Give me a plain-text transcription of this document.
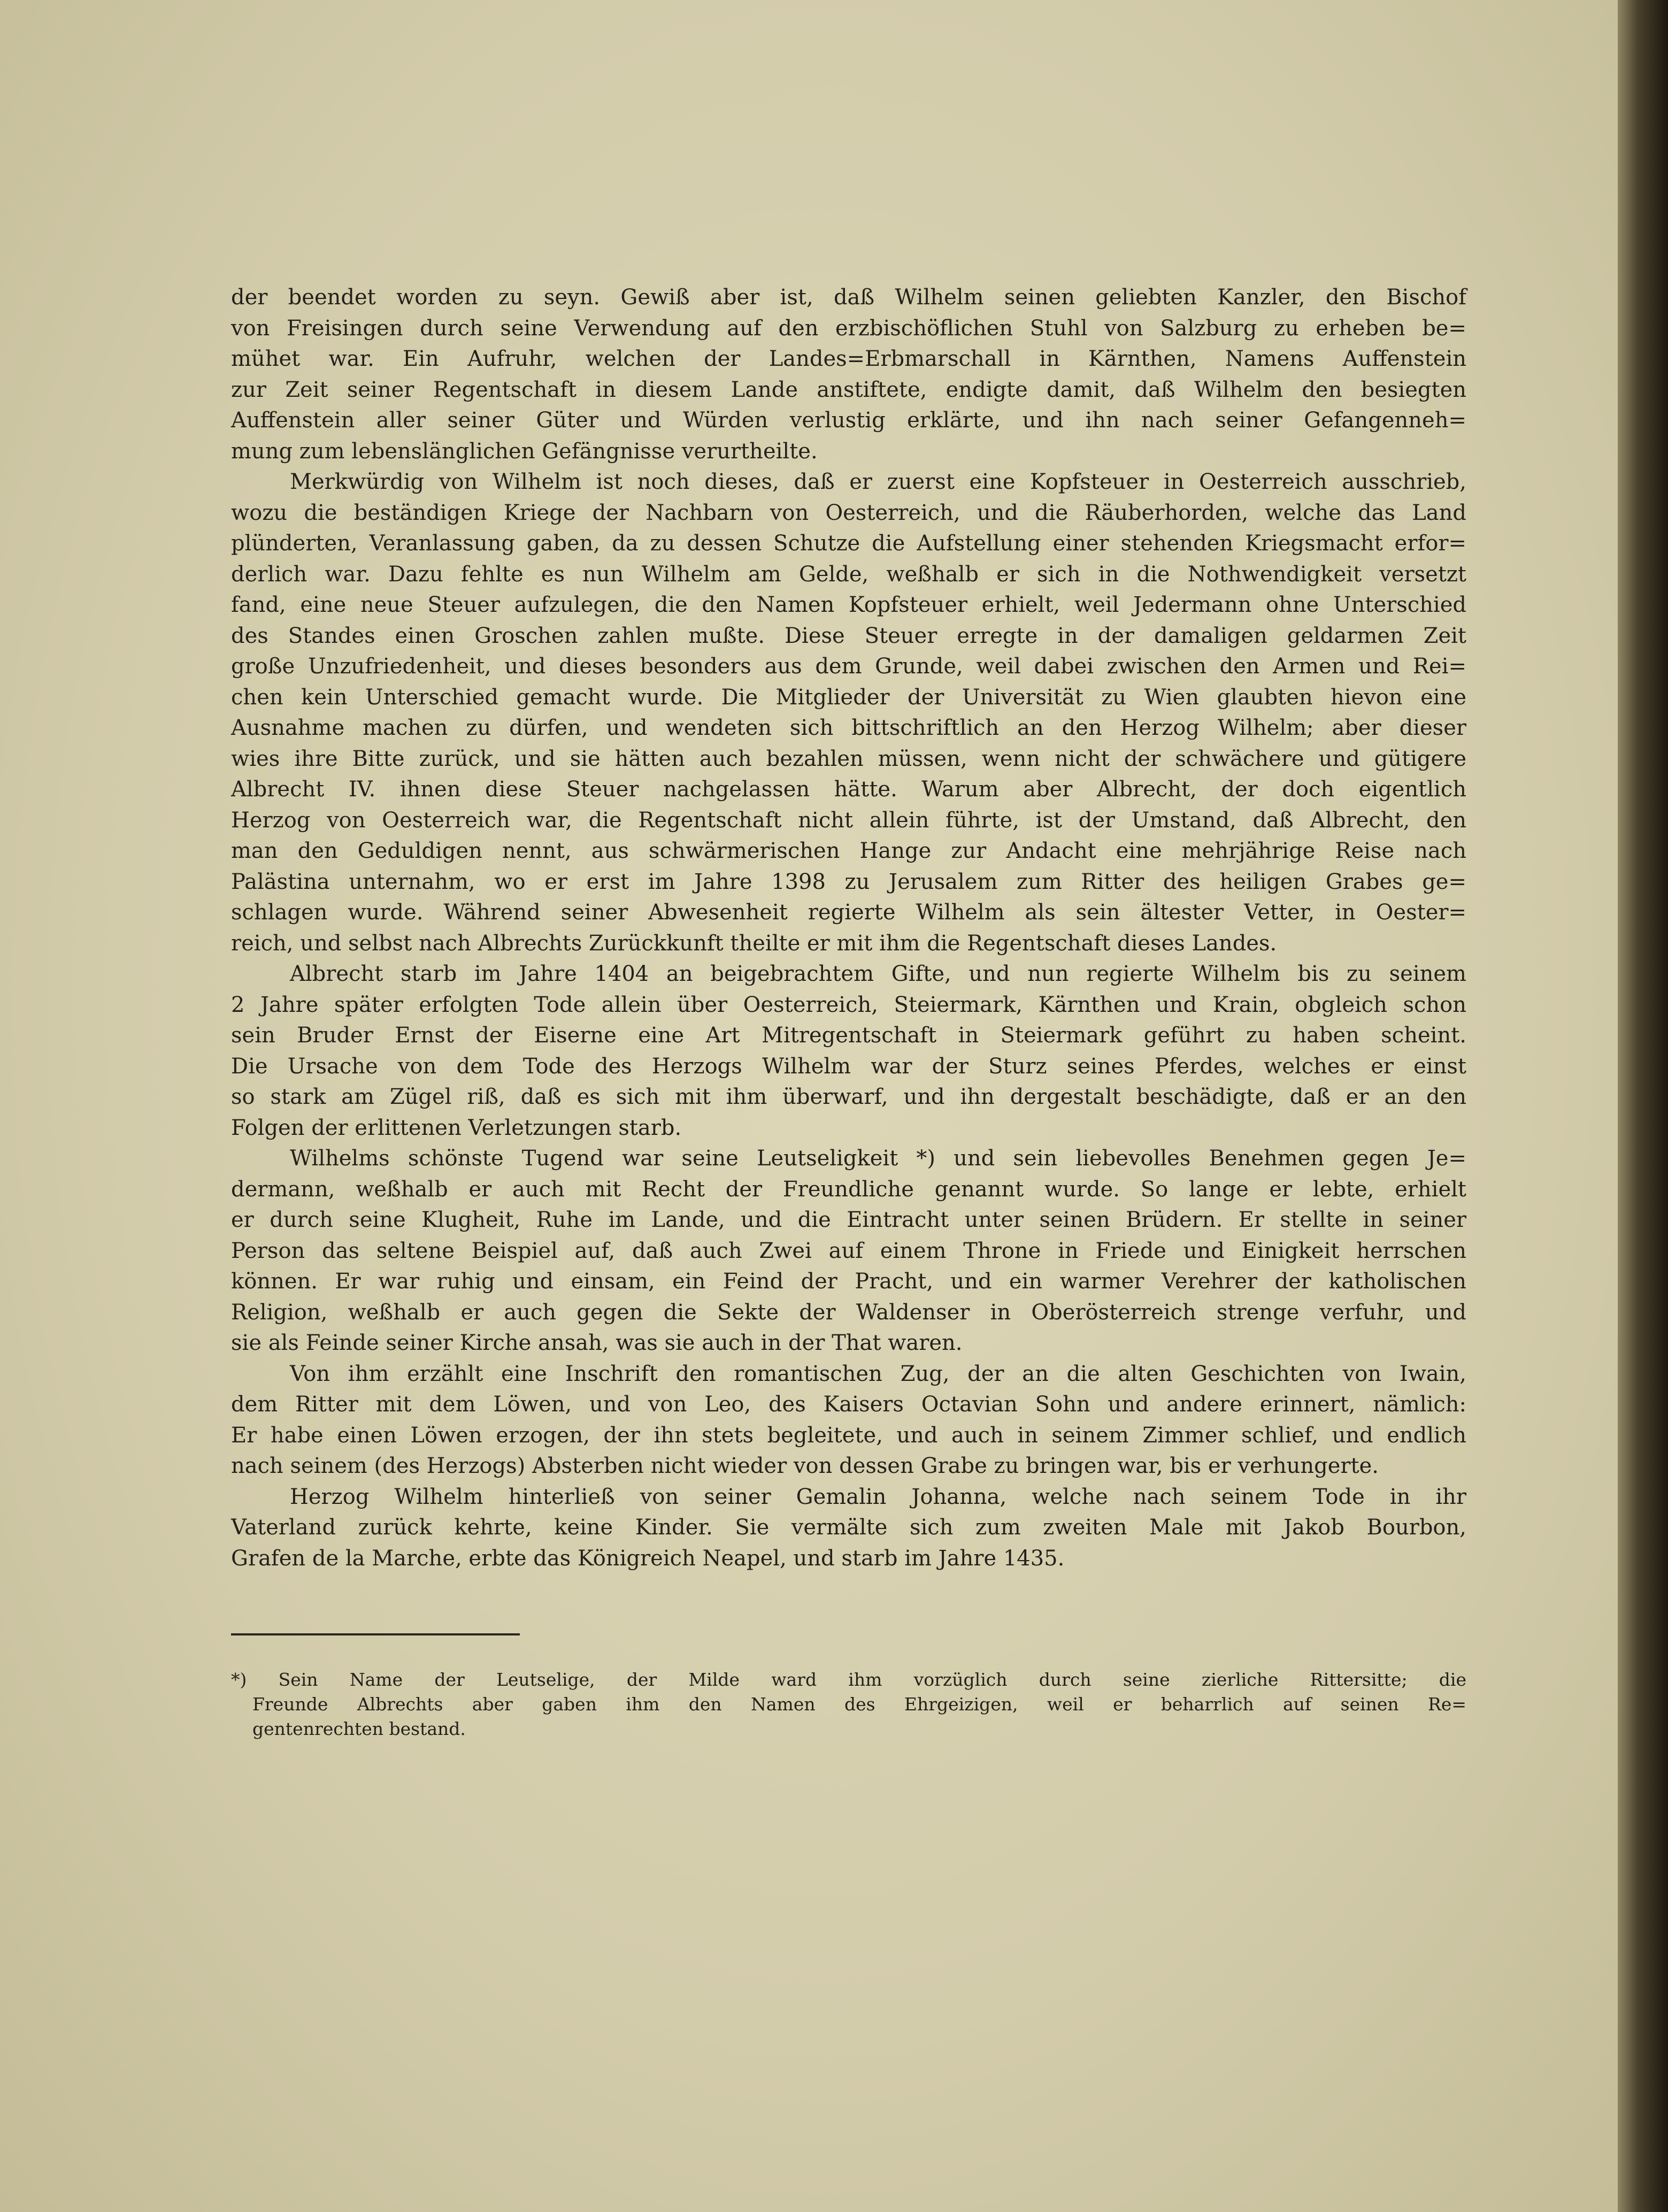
der beendet worden zu seyn. Gewiß aber ist, daß Wilhelm seinen geliebten Kanzler, den Bischof

von Freisingen durch seine Verwendung auf den erzbischöflichen Stuhl von Salzburg zu erheben be=

mühet war. Ein Aufruhr, welchen der Landes=Erbmarschall in Kärnthen, Namens Auffenstein

zur Zeit seiner Regentschaft in diesem Lande anstiftete, endigte damit, daß Wilhelm den besiegten

Auffenstein aller seiner Güter und Würden verlustig erklärte, und ihn nach seiner Gefangenneh=

mung zum lebenslänglichen Gefängnisse verurtheilte.

Merkwürdig von Wilhelm ist noch dieses, daß er zuerst eine Kopfsteuer in Oesterreich ausschrieb,

wozu die beständigen Kriege der Nachbarn von Oesterreich, und die Räuberhorden, welche das Land

plünderten, Veranlassung gaben, da zu dessen Schutze die Aufstellung einer stehenden Kriegsmacht erfor=

derlich war. Dazu fehlte es nun Wilhelm am Gelde, weßhalb er sich in die Nothwendigkeit versetzt

fand, eine neue Steuer aufzulegen, die den Namen Kopfsteuer erhielt, weil Jedermann ohne Unterschied

des Standes einen Groschen zahlen mußte. Diese Steuer erregte in der damaligen geldarmen Zeit

große Unzufriedenheit, und dieses besonders aus dem Grunde, weil dabei zwischen den Armen und Rei=

chen kein Unterschied gemacht wurde. Die Mitglieder der Universität zu Wien glaubten hievon eine

Ausnahme machen zu dürfen, und wendeten sich bittschriftlich an den Herzog Wilhelm; aber dieser

wies ihre Bitte zurück, und sie hätten auch bezahlen müssen, wenn nicht der schwächere und gütigere

Albrecht IV. ihnen diese Steuer nachgelassen hätte. Warum aber Albrecht, der doch eigentlich

Herzog von Oesterreich war, die Regentschaft nicht allein führte, ist der Umstand, daß Albrecht, den

man den Geduldigen nennt, aus schwärmerischen Hange zur Andacht eine mehrjährige Reise nach

Palästina unternahm, wo er erst im Jahre 1398 zu Jerusalem zum Ritter des heiligen Grabes ge=

schlagen wurde. Während seiner Abwesenheit regierte Wilhelm als sein ältester Vetter, in Oester=

reich, und selbst nach Albrechts Zurückkunft theilte er mit ihm die Regentschaft dieses Landes.

Albrecht starb im Jahre 1404 an beigebrachtem Gifte, und nun regierte Wilhelm bis zu seinem

2 Jahre später erfolgten Tode allein über Oesterreich, Steiermark, Kärnthen und Krain, obgleich schon

sein Bruder Ernst der Eiserne eine Art Mitregentschaft in Steiermark geführt zu haben scheint.

Die Ursache von dem Tode des Herzogs Wilhelm war der Sturz seines Pferdes, welches er einst

so stark am Zügel riß, daß es sich mit ihm überwarf, und ihn dergestalt beschädigte, daß er an den

Folgen der erlittenen Verletzungen starb.

Wilhelms schönste Tugend war seine Leutseligkeit *) und sein liebevolles Benehmen gegen Je=

dermann, weßhalb er auch mit Recht der Freundliche genannt wurde. So lange er lebte, erhielt

er durch seine Klugheit, Ruhe im Lande, und die Eintracht unter seinen Brüdern. Er stellte in seiner

Person das seltene Beispiel auf, daß auch Zwei auf einem Throne in Friede und Einigkeit herrschen

können. Er war ruhig und einsam, ein Feind der Pracht, und ein warmer Verehrer der katholischen

Religion, weßhalb er auch gegen die Sekte der Waldenser in Oberösterreich strenge verfuhr, und

sie als Feinde seiner Kirche ansah, was sie auch in der That waren.

Von ihm erzählt eine Inschrift den romantischen Zug, der an die alten Geschichten von Iwain,

dem Ritter mit dem Löwen, und von Leo, des Kaisers Octavian Sohn und andere erinnert, nämlich:

Er habe einen Löwen erzogen, der ihn stets begleitete, und auch in seinem Zimmer schlief, und endlich

nach seinem (des Herzogs) Absterben nicht wieder von dessen Grabe zu bringen war, bis er verhungerte.

Herzog Wilhelm hinterließ von seiner Gemalin Johanna, welche nach seinem Tode in ihr

Vaterland zurück kehrte, keine Kinder. Sie vermälte sich zum zweiten Male mit Jakob Bourbon,

Grafen de la Marche, erbte das Königreich Neapel, und starb im Jahre 1435.

*) Sein Name der Leutselige, der Milde ward ihm vorzüglich durch seine zierliche Rittersitte; die

Freunde Albrechts aber gaben ihm den Namen des Ehrgeizigen, weil er beharrlich auf seinen Re=

gentenrechten bestand.
